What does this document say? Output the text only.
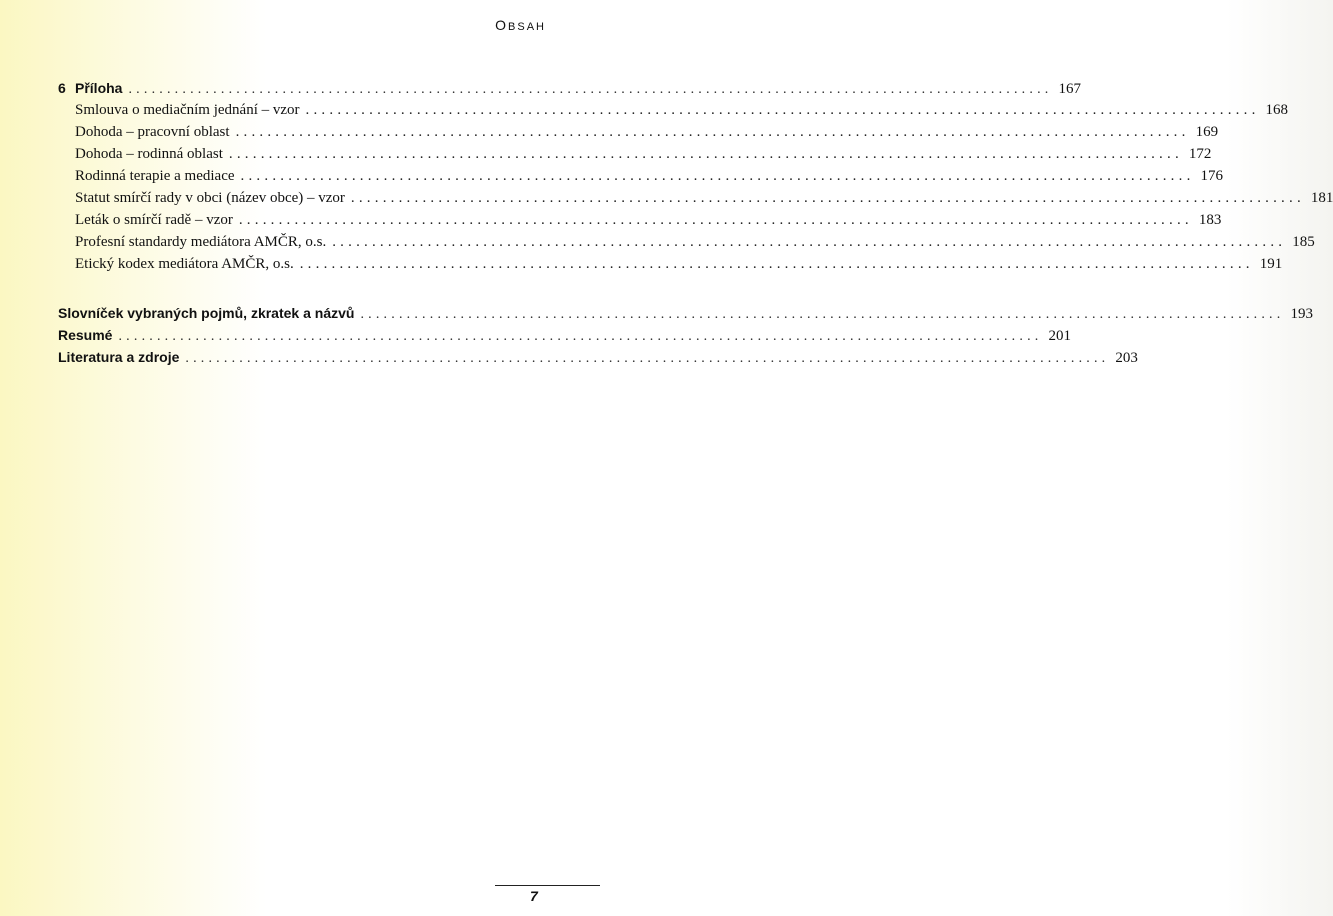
OBSAH
6 Příloha ........................................................................................................................ 167
Smlouva o mediačním jednání – vzor ........................................................................................................................ 168
Dohoda – pracovní oblast ........................................................................................................................ 169
Dohoda – rodinná oblast ........................................................................................................................ 172
Rodinná terapie a mediace ........................................................................................................................ 176
Statut smírčí rady v obci (název obce) – vzor ........................................................................................................................ 181
Leták o smírčí radě – vzor ........................................................................................................................ 183
Profesní standardy mediátora AMČR, o.s. ........................................................................................................................ 185
Etický kodex mediátora AMČR, o.s. ........................................................................................................................ 191
Slovníček vybraných pojmů, zkratek a názvů ........................................................................................................................ 193
Resumé ........................................................................................................................ 201
Literatura a zdroje ........................................................................................................................ 203
7
